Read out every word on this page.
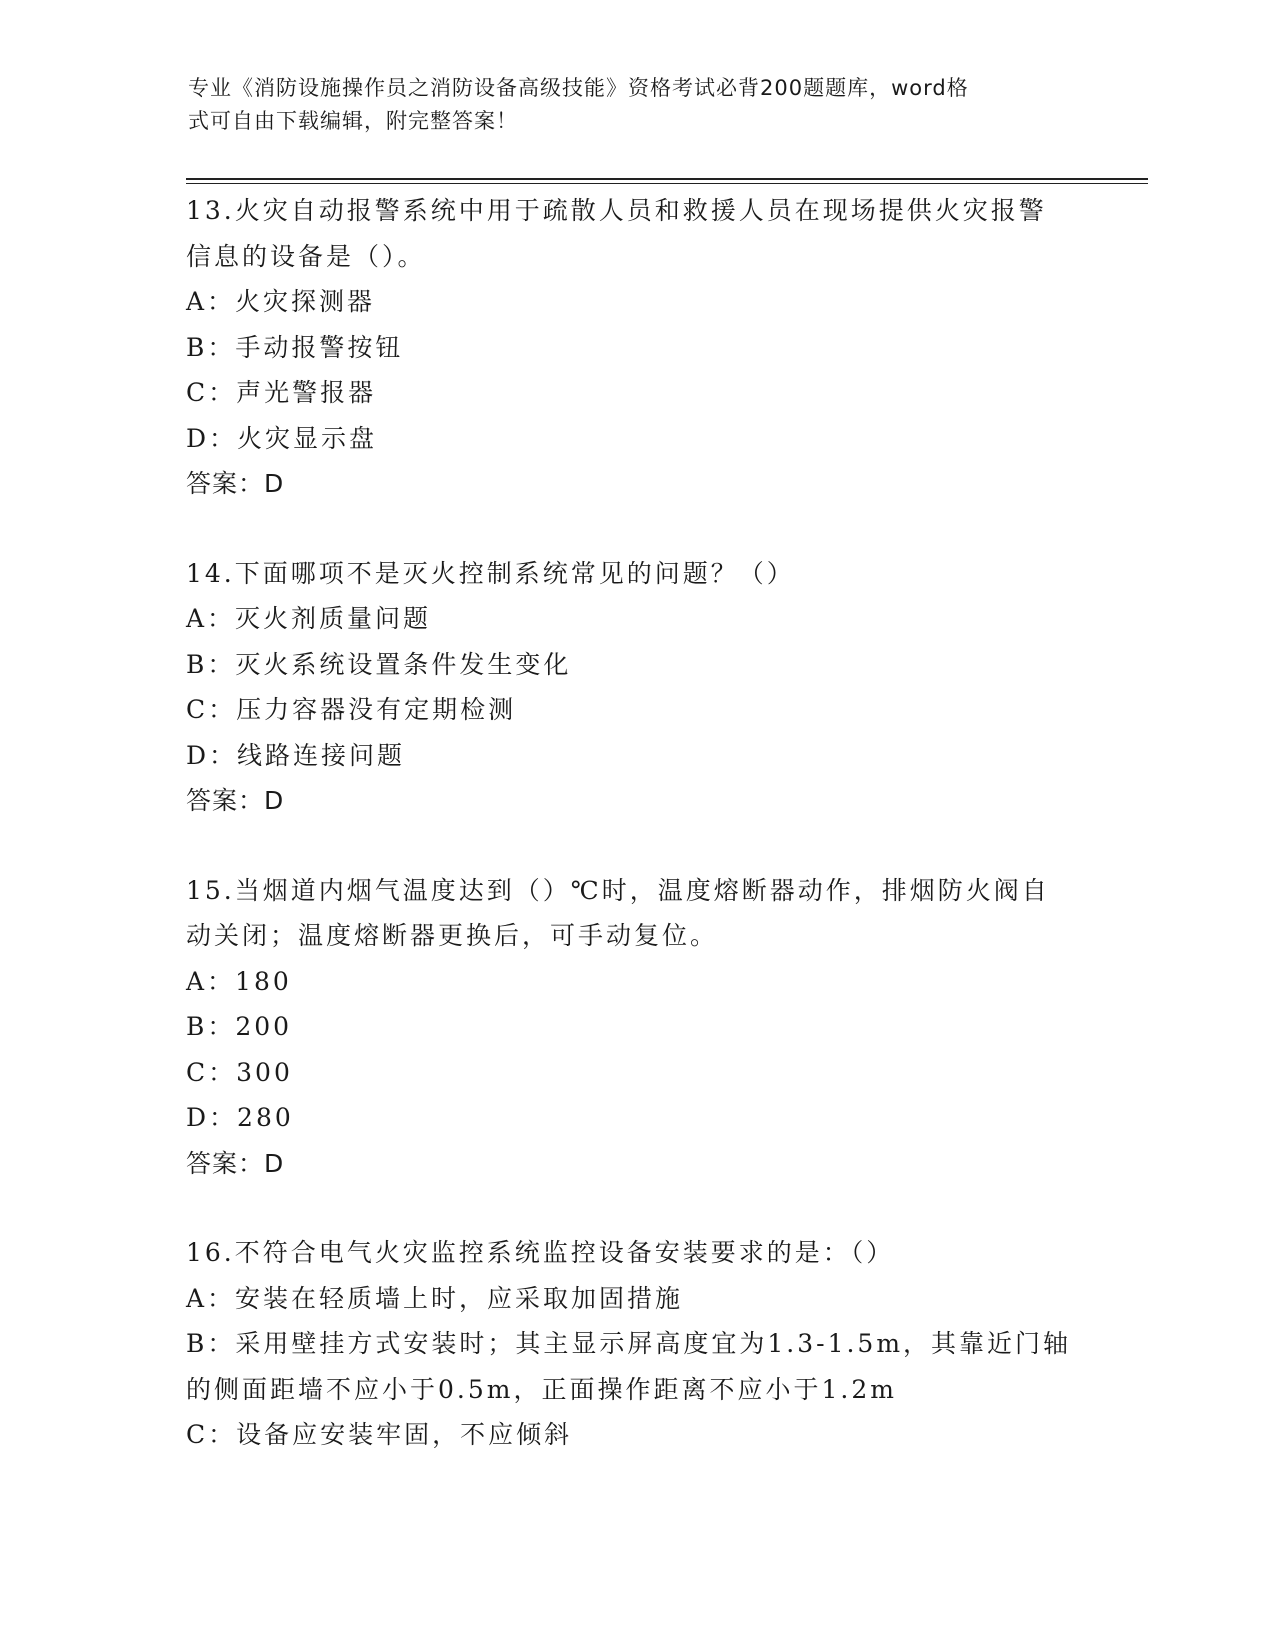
专业《消防设施操作员之消防设备高级技能》资格考试必背200题题库，word格
式可自由下载编辑，附完整答案！
13.火灾自动报警系统中用于疏散人员和救援人员在现场提供火灾报警
信息的设备是（）。
A：火灾探测器
B：手动报警按钮
C：声光警报器
D：火灾显示盘
答案：D
14.下面哪项不是灭火控制系统常见的问题？（）
A：灭火剂质量问题
B：灭火系统设置条件发生变化
C：压力容器没有定期检测
D：线路连接问题
答案：D
15.当烟道内烟气温度达到（）℃时，温度熔断器动作，排烟防火阀自
动关闭；温度熔断器更换后，可手动复位。
A：180
B：200
C：300
D：280
答案：D
16.不符合电气火灾监控系统监控设备安装要求的是：（）
A：安装在轻质墙上时，应采取加固措施
B：采用壁挂方式安装时；其主显示屏高度宜为1.3-1.5m，其靠近门轴
的侧面距墙不应小于0.5m，正面操作距离不应小于1.2m
C：设备应安装牢固，不应倾斜
